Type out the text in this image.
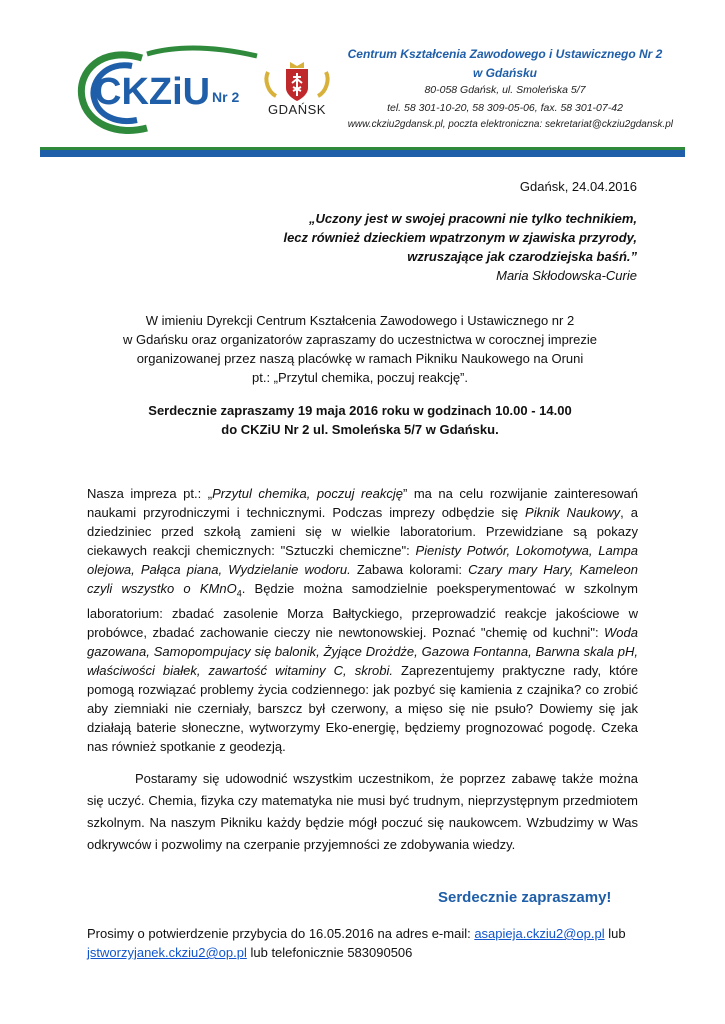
CKZiU Nr 2
GDAŃSK
Centrum Kształcenia Zawodowego i Ustawicznego Nr 2
w Gdańsku
80-058 Gdańsk, ul. Smoleńska 5/7
tel. 58 301-10-20, 58 309-05-06, fax. 58 301-07-42
www.ckziu2gdansk.pl, poczta elektroniczna: sekretariat@ckziu2gdansk.pl
Gdańsk, 24.04.2016
„Uczony jest w swojej pracowni nie tylko technikiem,
lecz również dzieckiem wpatrzonym w zjawiska przyrody,
wzruszające jak czarodziejska baśń.”
Maria Skłodowska-Curie
W imieniu Dyrekcji Centrum Kształcenia Zawodowego i Ustawicznego nr 2
w Gdańsku oraz organizatorów zapraszamy do uczestnictwa w corocznej imprezie
organizowanej przez naszą placówkę w ramach Pikniku Naukowego na Oruni
pt.: „Przytul chemika, poczuj reakcję”.
Serdecznie zapraszamy 19 maja 2016 roku w godzinach 10.00 - 14.00
do CKZiU Nr 2 ul. Smoleńska 5/7 w Gdańsku.
Nasza impreza pt.: „Przytul chemika, poczuj reakcję” ma na celu rozwijanie zainteresowań naukami przyrodniczymi i technicznymi. Podczas imprezy odbędzie się Piknik Naukowy, a dziedziniec przed szkołą zamieni się w wielkie laboratorium. Przewidziane są pokazy ciekawych reakcji chemicznych: "Sztuczki chemiczne": Pienisty Potwór, Lokomotywa, Lampa olejowa, Pałąca piana, Wydzielanie wodoru. Zabawa kolorami: Czary mary Hary, Kameleon czyli wszystko o KMnO$_4$. Będzie można samodzielnie poeksperymentować w szkolnym laboratorium: zbadać zasolenie Morza Bałtyckiego, przeprowadzić reakcje jakościowe w probówce, zbadać zachowanie cieczy nie newtonowskiej. Poznać "chemię od kuchni": Woda gazowana, Samopompujacy się balonik, Żyjące Drożdże, Gazowa Fontanna, Barwna skala pH, właściwości białek, zawartość witaminy C, skrobi. Zaprezentujemy praktyczne rady, które pomogą rozwiązać problemy życia codziennego: jak pozbyć się kamienia z czajnika? co zrobić aby ziemniaki nie czerniały, barszcz był czerwony, a mięso się nie psuło? Dowiemy się jak działają baterie słoneczne, wytworzymy Eko-energię, będziemy prognozować pogodę. Czeka nas również spotkanie z geodezją.
Postaramy się udowodnić wszystkim uczestnikom, że poprzez zabawę także można się uczyć. Chemia, fizyka czy matematyka nie musi być trudnym, nieprzystępnym przedmiotem szkolnym. Na naszym Pikniku każdy będzie mógł poczuć się naukowcem. Wzbudzimy w Was odkrywców i pozwolimy na czerpanie przyjemności ze zdobywania wiedzy.
Serdecznie zapraszamy!
Prosimy o potwierdzenie przybycia do 16.05.2016 na adres e-mail: asapieja.ckziu2@op.pl lub
jstworzyjanek.ckziu2@op.pl lub telefonicznie 583090506
